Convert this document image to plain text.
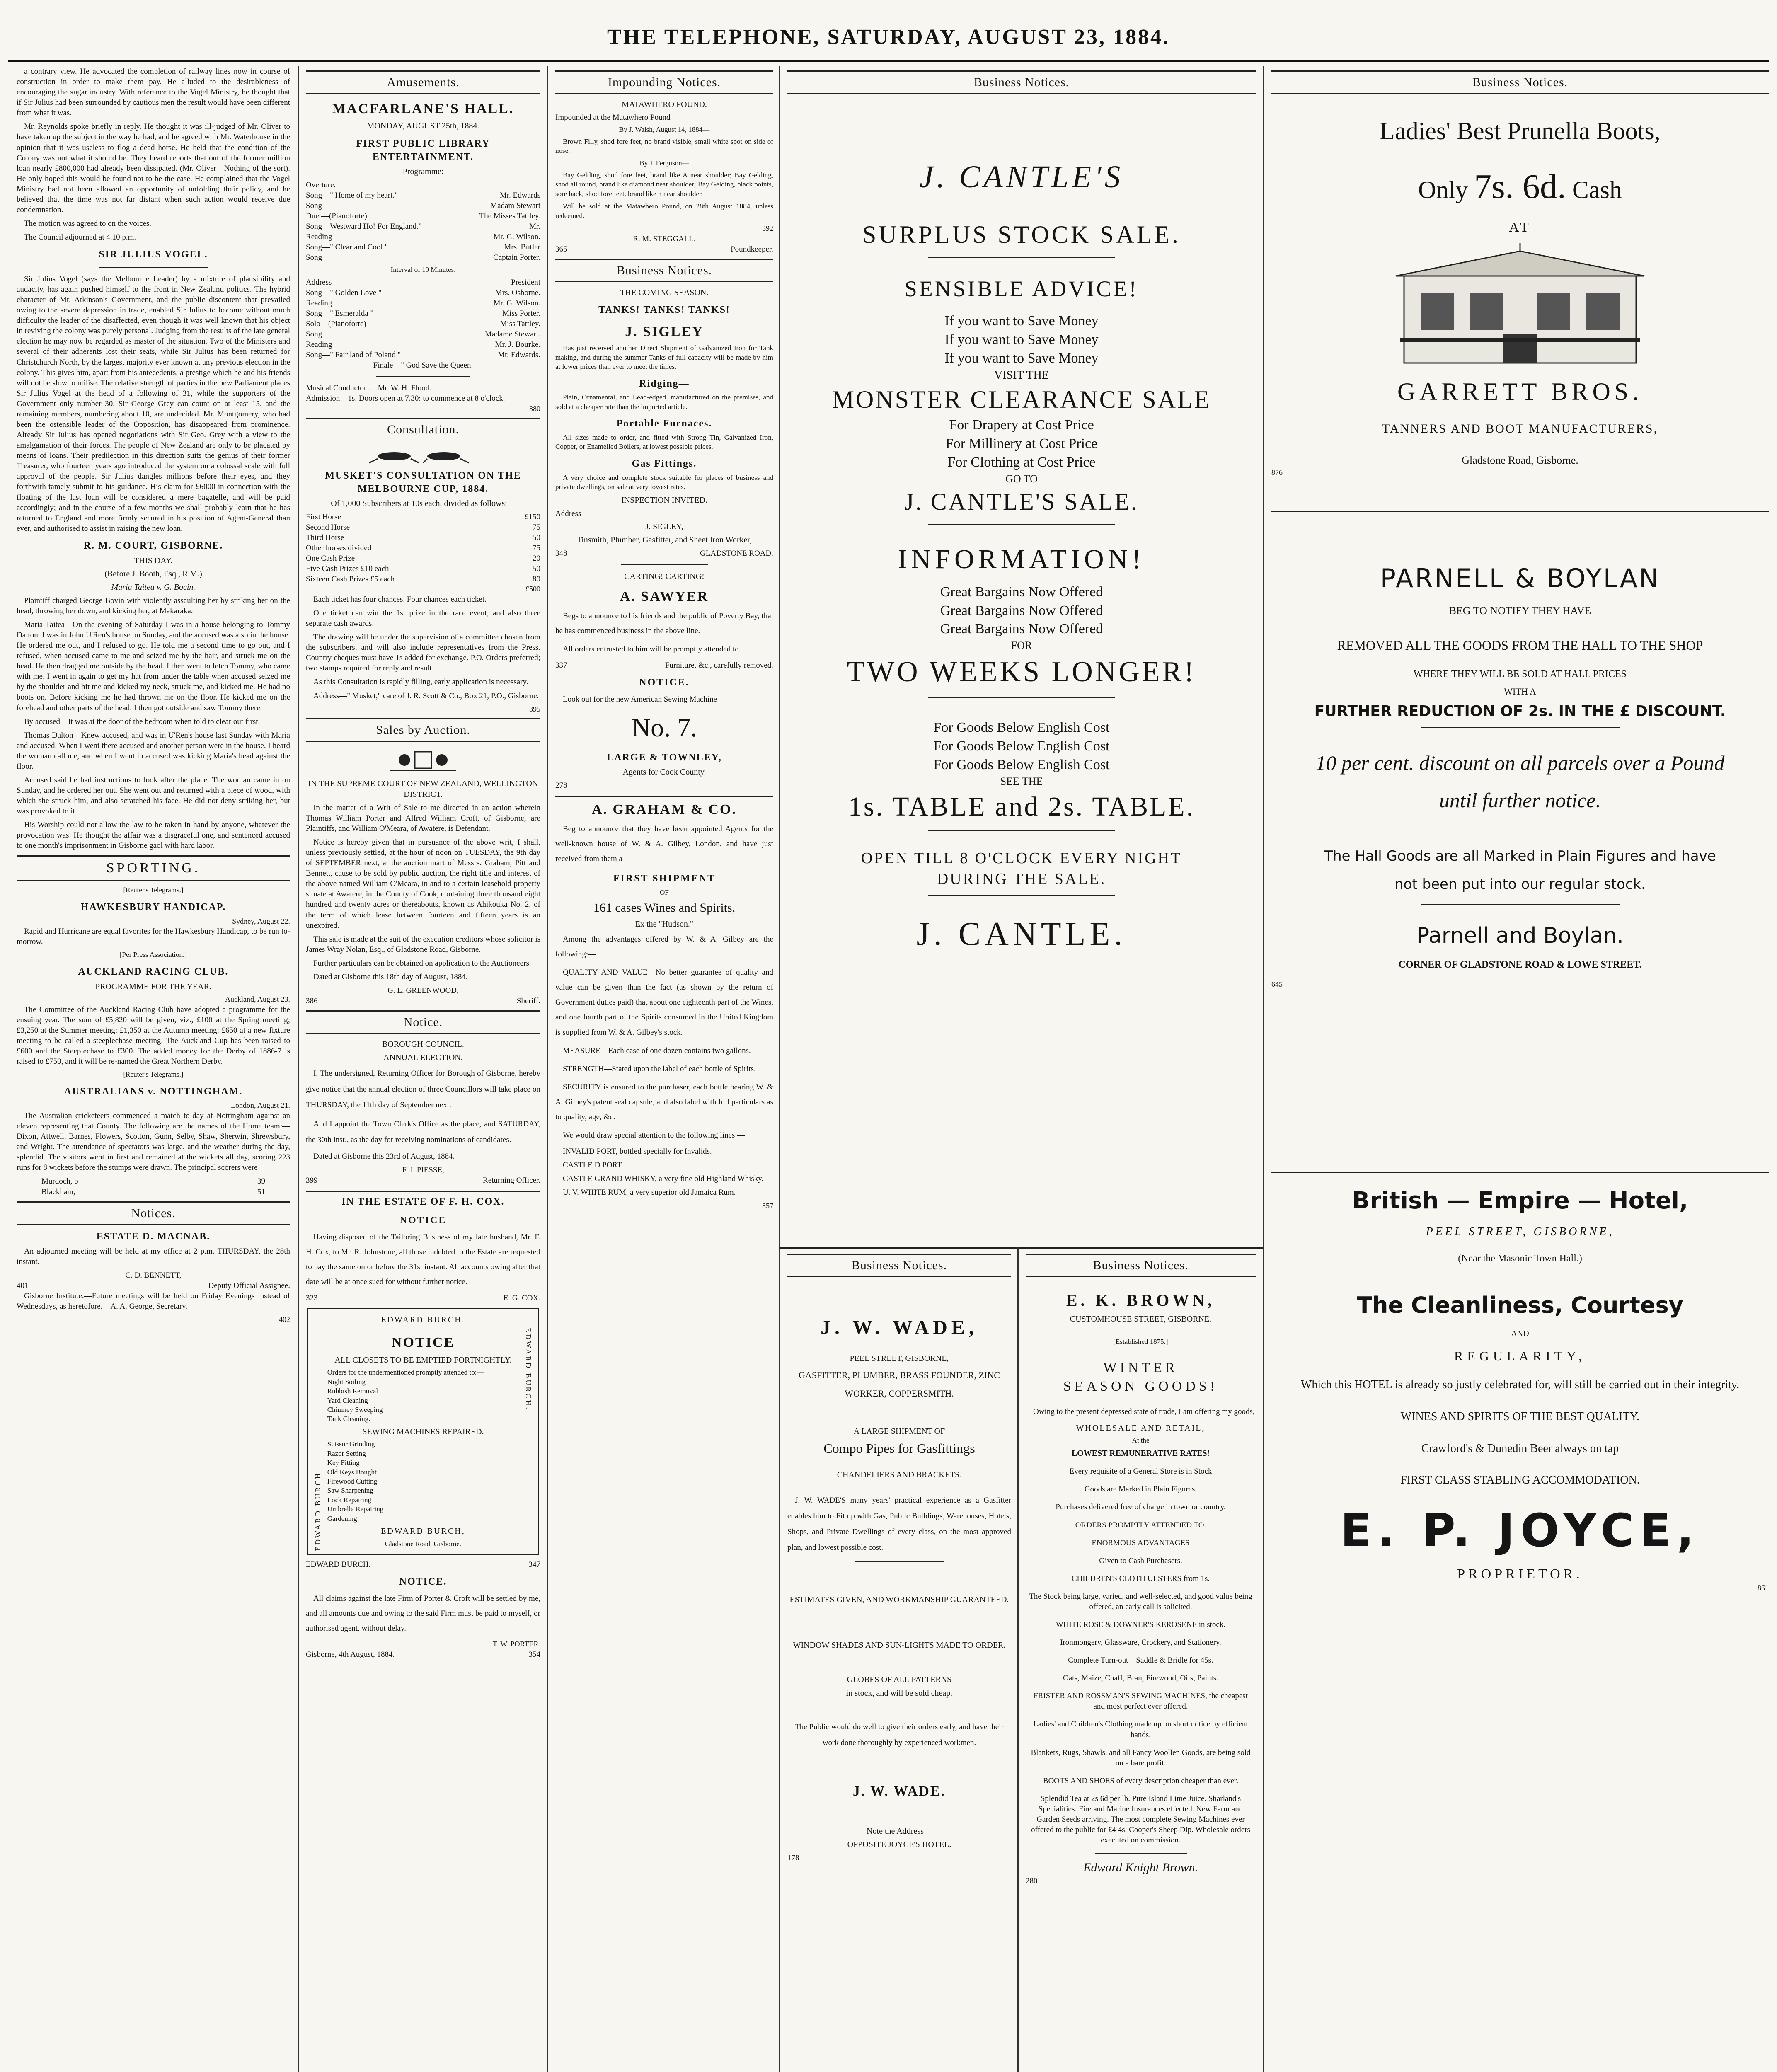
THE TELEPHONE, SATURDAY, AUGUST 23, 1884.

a contrary view. He advocated the completion of railway lines now in course of construction in order to make them pay. He alluded to the desirableness of encouraging the sugar industry. With reference to the Vogel Ministry, he thought that if Sir Julius had been surrounded by cautious men the result would have been different from what it was.

Mr. Reynolds spoke briefly in reply. He thought it was ill-judged of Mr. Oliver to have taken up the subject in the way he had, and he agreed with Mr. Waterhouse in the opinion that it was useless to flog a dead horse. He held that the condition of the Colony was not what it should be. They heard reports that out of the former million loan nearly £800,000 had already been dissipated. (Mr. Oliver—Nothing of the sort). He only hoped this would be found not to be the case. He complained that the Vogel Ministry had not been allowed an opportunity of unfolding their policy, and he believed that the time was not far distant when such action would receive due condemnation.

The motion was agreed to on the voices.

The Council adjourned at 4.10 p.m.

SIR JULIUS VOGEL.

Sir Julius Vogel (says the Melbourne Leader) by a mixture of plausibility and audacity, has again pushed himself to the front in New Zealand politics. The hybrid character of Mr. Atkinson's Government, and the public discontent that prevailed owing to the severe depression in trade, enabled Sir Julius to become without much difficulty the leader of the disaffected, even though it was well known that his object in reviving the colony was purely personal. Judging from the results of the late general election he may now be regarded as master of the situation. Two of the Ministers and several of their adherents lost their seats, while Sir Julius has been returned for Christchurch North, by the largest majority ever known at any previous election in the colony. This gives him, apart from his antecedents, a prestige which he and his friends will not be slow to utilise. The relative strength of parties in the new Parliament places Sir Julius Vogel at the head of a following of 31, while the supporters of the Government only number 30. Sir George Grey can count on at least 15, and the remaining members, numbering about 10, are undecided. Mr. Montgomery, who had been the ostensible leader of the Opposition, has disappeared from prominence. Already Sir Julius has opened negotiations with Sir Geo. Grey with a view to the amalgamation of their forces. The people of New Zealand are only to be placated by means of loans. Their predilection in this direction suits the genius of their former Treasurer, who fourteen years ago introduced the system on a colossal scale with full approval of the people. Sir Julius dangles millions before their eyes, and they forthwith tamely submit to his guidance. His claim for £6000 in connection with the floating of the last loan will be considered a mere bagatelle, and will be paid accordingly; and in the course of a few months we shall probably learn that he has returned to England and more firmly secured in his position of Agent-General than ever, and authorised to assist in raising the new loan.

R. M. COURT, GISBORNE.
THIS DAY.
(Before J. Booth, Esq., R.M.)
Maria Taitea v. G. Bocin.

Plaintiff charged George Bovin with violently assaulting her by striking her on the head, throwing her down, and kicking her, at Makaraka.

Maria Taitea—On the evening of Saturday I was in a house belonging to Tommy Dalton. I was in John U'Ren's house on Sunday, and the accused was also in the house. He ordered me out, and I refused to go. He told me a second time to go out, and I refused, when accused came to me and seized me by the hair, and struck me on the head. He then dragged me outside by the head. I then went to fetch Tommy, who came with me. I went in again to get my hat from under the table when accused seized me by the shoulder and hit me and kicked my neck, struck me, and kicked me. He had no boots on. Before kicking me he had thrown me on the floor. He kicked me on the forehead and other parts of the head. I then got outside and saw Tommy there.

By accused—It was at the door of the bedroom when told to clear out first.

Thomas Dalton—Knew accused, and was in U'Ren's house last Sunday with Maria and accused. When I went there accused and another person were in the house. I heard the woman call me, and when I went in accused was kicking Maria's head against the floor.

Accused said he had instructions to look after the place. The woman came in on Sunday, and he ordered her out. She went out and returned with a piece of wood, with which she struck him, and also scratched his face. He did not deny striking her, but was provoked to it.

His Worship could not allow the law to be taken in hand by anyone, whatever the provocation was. He thought the affair was a disgraceful one, and sentenced accused to one month's imprisonment in Gisborne gaol with hard labor.

SPORTING.
[Reuter's Telegrams.]
HAWKESBURY HANDICAP.
Sydney, August 22.

Rapid and Hurricane are equal favorites for the Hawkesbury Handicap, to be run to-morrow.

[Per Press Association.]
AUCKLAND RACING CLUB.
PROGRAMME FOR THE YEAR.
Auckland, August 23.

The Committee of the Auckland Racing Club have adopted a programme for the ensuing year. The sum of £5,820 will be given, viz., £100 at the Spring meeting; £3,250 at the Summer meeting; £1,350 at the Autumn meeting; £650 at a new fixture meeting to be called a steeplechase meeting. The Auckland Cup has been raised to £600 and the Steeplechase to £300. The added money for the Derby of 1886-7 is raised to £750, and it will be re-named the Great Northern Derby.

[Reuter's Telegrams.]
AUSTRALIANS v. NOTTINGHAM.
London, August 21.

The Australian cricketeers commenced a match to-day at Nottingham against an eleven representing that County. The following are the names of the Home team:—Dixon, Attwell, Barnes, Flowers, Scotton, Gunn, Selby, Shaw, Sherwin, Shrewsbury, and Wright. The attendance of spectators was large, and the weather during the day, splendid. The visitors went in first and remained at the wickets all day, scoring 223 runs for 8 wickets before the stumps were drawn. The principal scorers were—

Murdoch, b	39
Blackham,	51
Notices.
ESTATE D. MACNAB.

An adjourned meeting will be held at my office at 2 p.m. THURSDAY, the 28th instant.

C. D. BENNETT,
401	Deputy Official Assignee.

Gisborne Institute.—Future meetings will be held on Friday Evenings instead of Wednesdays, as heretofore.—A. A. George, Secretary.

402
Amusements.
MACFARLANE'S HALL.
MONDAY, AUGUST 25th, 1884.
FIRST PUBLIC LIBRARY ENTERTAINMENT.
Programme:
Overture.
Song—" Home of my heart."	Mr. Edwards
Song	Madam Stewart
Duet—(Pianoforte)	The Misses Tattley.
Song—Westward Ho! For England."	Mr.
Reading	Mr. G. Wilson.
Song—" Clear and Cool "	Mrs. Butler
Song	Captain Porter.
Interval of 10 Minutes.
Address	President
Song—" Golden Love "	Mrs. Osborne.
Reading	Mr. G. Wilson.
Song—" Esmeralda "	Miss Porter.
Solo—(Pianoforte)	Miss Tattley.
Song	Madame Stewart.
Reading	Mr. J. Bourke.
Song—" Fair land of Poland "	Mr. Edwards.
Finale—" God Save the Queen.
Musical Conductor......Mr. W. H. Flood.
Admission—1s. Doors open at 7.30: to commence at 8 o'clock.
380
Consultation.
MUSKET'S CONSULTATION ON THE MELBOURNE CUP, 1884.
Of 1,000 Subscribers at 10s each, divided as follows:—
First Horse	£150
Second Horse	75
Third Horse	50
Other horses divided	75
One Cash Prize	20
Five Cash Prizes £10 each	50
Sixteen Cash Prizes £5 each	80
£500

Each ticket has four chances. Four chances each ticket.

One ticket can win the 1st prize in the race event, and also three separate cash awards.

The drawing will be under the supervision of a committee chosen from the subscribers, and will also include representatives from the Press. Country cheques must have 1s added for exchange. P.O. Orders preferred; two stamps required for reply and result.

As this Consultation is rapidly filling, early application is necessary.

Address—" Musket," care of J. R. Scott & Co., Box 21, P.O., Gisborne.

395
Sales by Auction.
IN THE SUPREME COURT OF NEW ZEALAND, WELLINGTON DISTRICT.

In the matter of a Writ of Sale to me directed in an action wherein Thomas William Porter and Alfred William Croft, of Gisborne, are Plaintiffs, and William O'Meara, of Awatere, is Defendant.

Notice is hereby given that in pursuance of the above writ, I shall, unless previously settled, at the hour of noon on TUESDAY, the 9th day of SEPTEMBER next, at the auction mart of Messrs. Graham, Pitt and Bennett, cause to be sold by public auction, the right title and interest of the above-named William O'Meara, in and to a certain leasehold property situate at Awatere, in the County of Cook, containing three thousand eight hundred and twenty acres or thereabouts, known as Ahikouka No. 2, of the term of which lease between fourteen and fifteen years is an unexpired.

This sale is made at the suit of the execution creditors whose solicitor is James Wray Nolan, Esq., of Gladstone Road, Gisborne.

Further particulars can be obtained on application to the Auctioneers.

Dated at Gisborne this 18th day of August, 1884.

G. L. GREENWOOD,
386	Sheriff.
Notice.
BOROUGH COUNCIL.
ANNUAL ELECTION.

I, The undersigned, Returning Officer for Borough of Gisborne, hereby give notice that the annual election of three Councillors will take place on THURSDAY, the 11th day of September next.

And I appoint the Town Clerk's Office as the place, and SATURDAY, the 30th inst., as the day for receiving nominations of candidates.

Dated at Gisborne this 23rd of August, 1884.

F. J. PIESSE,
399	Returning Officer.
IN THE ESTATE OF F. H. COX.
NOTICE

Having disposed of the Tailoring Business of my late husband, Mr. F. H. Cox, to Mr. R. Johnstone, all those indebted to the Estate are requested to pay the same on or before the 31st instant. All accounts owing after that date will be at once sued for without further notice.

323	E. G. COX.
EDWARD BURCH.
EDWARD BURCH.
NOTICE
ALL CLOSETS TO BE EMPTIED FORTNIGHTLY.
Orders for the undermentioned promptly attended to:—
Night Soiling
Rubbish Removal
Yard Cleaning
Chimney Sweeping
Tank Cleaning.
SEWING MACHINES REPAIRED.
Scissor Grinding
Razor Setting
Key Fitting
Old Keys Bought
Firewood Cutting
Saw Sharpening
Lock Repairing
Umbrella Repairing
Gardening
EDWARD BURCH,
Gladstone Road, Gisborne.
EDWARD BURCH.
EDWARD BURCH.	347
NOTICE.

All claims against the late Firm of Porter & Croft will be settled by me, and all amounts due and owing to the said Firm must be paid to myself, or authorised agent, without delay.

T. W. PORTER.
Gisborne, 4th August, 1884.	354
Impounding Notices.
MATAWHERO POUND.
Impounded at the Matawhero Pound—
By J. Walsh, August 14, 1884—

Brown Filly, shod fore feet, no brand visible, small white spot on side of nose.

By J. Ferguson—

Bay Gelding, shod fore feet, brand like A near shoulder; Bay Gelding, shod all round, brand like diamond near shoulder; Bay Gelding, black points, sore back, shod fore feet, brand like n near shoulder.

Will be sold at the Matawhero Pound, on 28th August 1884, unless redeemed.

392
R. M. STEGGALL,
365	Poundkeeper.
Business Notices.
THE COMING SEASON.
TANKS! TANKS! TANKS!
J. SIGLEY

Has just received another Direct Shipment of Galvanized Iron for Tank making, and during the summer Tanks of full capacity will be made by him at lower prices than ever to meet the times.

Ridging—

Plain, Ornamental, and Lead-edged, manufactured on the premises, and sold at a cheaper rate than the imported article.

Portable Furnaces.

All sizes made to order, and fitted with Strong Tin, Galvanized Iron, Copper, or Enamelled Boilers, at lowest possible prices.

Gas Fittings.

A very choice and complete stock suitable for places of business and private dwellings, on sale at very lowest rates.

INSPECTION INVITED.
Address—
J. SIGLEY,
Tinsmith, Plumber, Gasfitter, and Sheet Iron Worker,
348	GLADSTONE ROAD.
CARTING! CARTING!
A. SAWYER

Begs to announce to his friends and the public of Poverty Bay, that he has commenced business in the above line.

All orders entrusted to him will be promptly attended to.

337	Furniture, &c., carefully removed.
NOTICE.

Look out for the new American Sewing Machine

No. 7.
LARGE & TOWNLEY,
Agents for Cook County.
278
A. GRAHAM & CO.

Beg to announce that they have been appointed Agents for the well-known house of W. & A. Gilbey, London, and have just received from them a

FIRST SHIPMENT
OF
161 cases Wines and Spirits,
Ex the "Hudson."

Among the advantages offered by W. & A. Gilbey are the following:—

QUALITY AND VALUE—No better guarantee of quality and value can be given than the fact (as shown by the return of Government duties paid) that about one eighteenth part of the Wines, and one fourth part of the Spirits consumed in the United Kingdom is supplied from W. & A. Gilbey's stock.

MEASURE—Each case of one dozen contains two gallons.

STRENGTH—Stated upon the label of each bottle of Spirits.

SECURITY is ensured to the purchaser, each bottle bearing W. & A. Gilbey's patent seal capsule, and also label with full particulars as to quality, age, &c.

We would draw special attention to the following lines:—

INVALID PORT, bottled specially for Invalids.

CASTLE D PORT.

CASTLE GRAND WHISKY, a very fine old Highland Whisky.

U. V. WHITE RUM, a very superior old Jamaica Rum.

357
Business Notices.
J. CANTLE'S

SURPLUS STOCK SALE.

SENSIBLE ADVICE!

If you want to Save Money

If you want to Save Money

If you want to Save Money

VISIT THE

MONSTER CLEARANCE SALE

For Drapery at Cost Price

For Millinery at Cost Price

For Clothing at Cost Price

GO TO

J. CANTLE'S SALE.

INFORMATION!

Great Bargains Now Offered

Great Bargains Now Offered

Great Bargains Now Offered

FOR

TWO WEEKS LONGER!

For Goods Below English Cost

For Goods Below English Cost

For Goods Below English Cost

SEE THE

1s. TABLE and 2s. TABLE.

OPEN TILL 8 O'CLOCK EVERY NIGHT DURING THE SALE.

J. CANTLE.

Business Notices.
J. W. WADE,
PEEL STREET, GISBORNE,
GASFITTER, PLUMBER, BRASS FOUNDER, ZINC WORKER, COPPERSMITH.
A LARGE SHIPMENT OF
Compo Pipes for Gasfittings
CHANDELIERS AND BRACKETS.

J. W. WADE'S many years' practical experience as a Gasfitter enables him to Fit up with Gas, Public Buildings, Warehouses, Hotels, Shops, and Private Dwellings of every class, on the most approved plan, and lowest possible cost.

ESTIMATES GIVEN, AND WORKMANSHIP GUARANTEED.
WINDOW SHADES AND SUN-LIGHTS MADE TO ORDER.
GLOBES OF ALL PATTERNS
in stock, and will be sold cheap.

The Public would do well to give their orders early, and have their work done thoroughly by experienced workmen.

J. W. WADE.
Note the Address—
OPPOSITE JOYCE'S HOTEL.
178
Business Notices.
E. K. BROWN,
CUSTOMHOUSE STREET, GISBORNE.
[Established 1875.]
WINTER
SEASON GOODS!

Owing to the present depressed state of trade, I am offering my goods,

WHOLESALE AND RETAIL,
At the
LOWEST REMUNERATIVE RATES!

Every requisite of a General Store is in Stock

Goods are Marked in Plain Figures.

Purchases delivered free of charge in town or country.

ORDERS PROMPTLY ATTENDED TO.

ENORMOUS ADVANTAGES

Given to Cash Purchasers.

CHILDREN'S CLOTH ULSTERS from 1s.

The Stock being large, varied, and well-selected, and good value being offered, an early call is solicited.

WHITE ROSE & DOWNER'S KEROSENE in stock.

Ironmongery, Glassware, Crockery, and Stationery.

Complete Turn-out—Saddle & Bridle for 45s.

Oats, Maize, Chaff, Bran, Firewood, Oils, Paints.

FRISTER AND ROSSMAN'S SEWING MACHINES, the cheapest and most perfect ever offered.

Ladies' and Children's Clothing made up on short notice by efficient hands.

Blankets, Rugs, Shawls, and all Fancy Woollen Goods, are being sold on a bare profit.

BOOTS AND SHOES of every description cheaper than ever.

Splendid Tea at 2s 6d per lb. Pure Island Lime Juice. Sharland's Specialities. Fire and Marine Insurances effected. New Farm and Garden Seeds arriving. The most complete Sewing Machines ever offered to the public for £4 4s. Cooper's Sheep Dip. Wholesale orders executed on commission.

Edward Knight Brown.
280
Business Notices.
Ladies' Best Prunella Boots,
Only 7s. 6d. Cash
AT
GARRETT BROS.
TANNERS AND BOOT MANUFACTURERS,
Gladstone Road, Gisborne.
876
PARNELL & BOYLAN
BEG TO NOTIFY THEY HAVE
REMOVED ALL THE GOODS FROM THE HALL TO THE SHOP
WHERE THEY WILL BE SOLD AT HALL PRICES
WITH A
FURTHER REDUCTION OF 2s. IN THE £ DISCOUNT.
10 per cent. discount on all parcels over a Pound until further notice.
The Hall Goods are all Marked in Plain Figures and have not been put into our regular stock.
Parnell and Boylan.
CORNER OF GLADSTONE ROAD & LOWE STREET.
645
British — Empire — Hotel,
PEEL STREET, GISBORNE,
(Near the Masonic Town Hall.)
The Cleanliness, Courtesy
—AND—
REGULARITY,
Which this HOTEL is already so justly celebrated for, will still be carried out in their integrity.
WINES AND SPIRITS OF THE BEST QUALITY.
Crawford's & Dunedin Beer always on tap
FIRST CLASS STABLING ACCOMMODATION.
E. P. JOYCE,
PROPRIETOR.
861
